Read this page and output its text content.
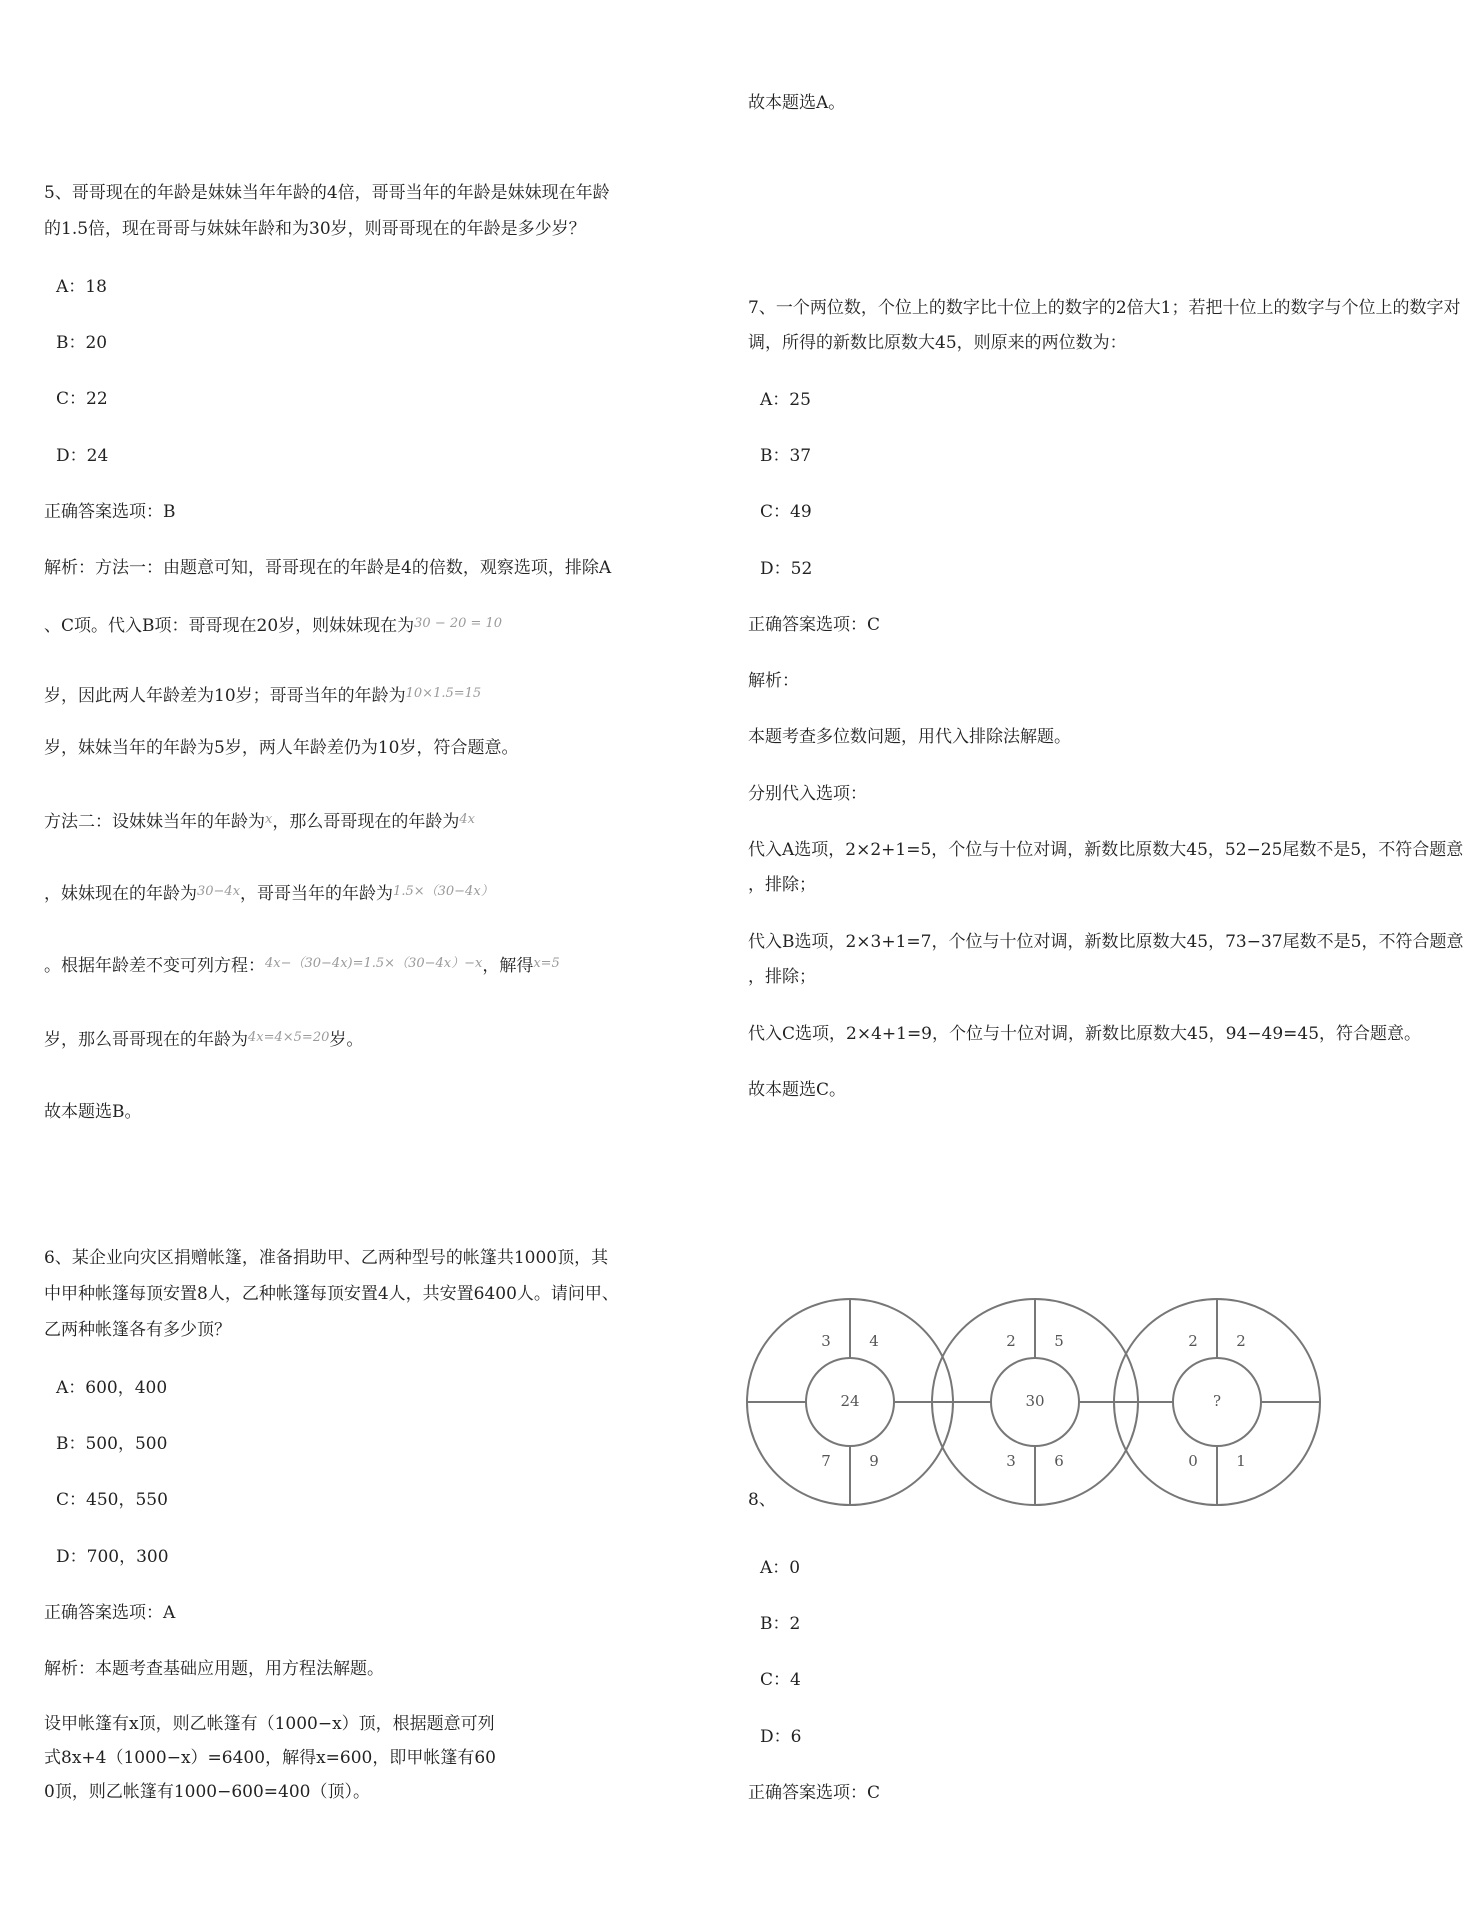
5、哥哥现在的年龄是妹妹当年年龄的4倍，哥哥当年的年龄是妹妹现在年龄
的1.5倍，现在哥哥与妹妹年龄和为30岁，则哥哥现在的年龄是多少岁？
A：18
B：20
C：22
D：24
正确答案选项：B
解析：方法一：由题意可知，哥哥现在的年龄是4的倍数，观察选项，排除A
、C项。代入B项：哥哥现在20岁，则妹妹现在为$^{30 - 20 = 10}$
岁，因此两人年龄差为10岁；哥哥当年的年龄为$^{10\times 1.5=15}$
岁，妹妹当年的年龄为5岁，两人年龄差仍为10岁，符合题意。
方法二：设妹妹当年的年龄为$^x$，那么哥哥现在的年龄为$^{4x}$
，妹妹现在的年龄为$^{30-4x}$，哥哥当年的年龄为$^{1.5\times(30-4x)}$
。根据年龄差不变可列方程：$^{4x-(30-4x)=1.5\times(30-4x)-x}$，解得$^{x=5}$
岁，那么哥哥现在的年龄为$^{4x=4\times 5=20}$岁。
故本题选B。
6、某企业向灾区捐赠帐篷，准备捐助甲、乙两种型号的帐篷共1000顶，其
中甲种帐篷每顶安置8人，乙种帐篷每顶安置4人，共安置6400人。请问甲、
乙两种帐篷各有多少顶？
A：600，400
B：500，500
C：450，550
D：700，300
正确答案选项：A
解析：本题考查基础应用题，用方程法解题。
设甲帐篷有x顶，则乙帐篷有（1000−x）顶，根据题意可列式8x+4（1000−x）=6400，解得x=600，即甲帐篷有600顶，则乙帐篷有1000−600=400（顶）。
故本题选A。
7、一个两位数，个位上的数字比十位上的数字的2倍大1；若把十位上的数字与个位上的数字对
调，所得的新数比原数大45，则原来的两位数为：
A：25
B：37
C：49
D：52
正确答案选项：C
解析：
本题考查多位数问题，用代入排除法解题。
分别代入选项：
代入A选项，2×2+1=5，个位与十位对调，新数比原数大45，52−25尾数不是5，不符合题意
，排除；
代入B选项，2×3+1=7，个位与十位对调，新数比原数大45，73−37尾数不是5，不符合题意
，排除；
代入C选项，2×4+1=9，个位与十位对调，新数比原数大45，94−49=45，符合题意。
故本题选C。
3	4
7	9
24
2	5
3	6
30
2	2
0	1
?
8、
A：0
B：2
C：4
D：6
正确答案选项：C
